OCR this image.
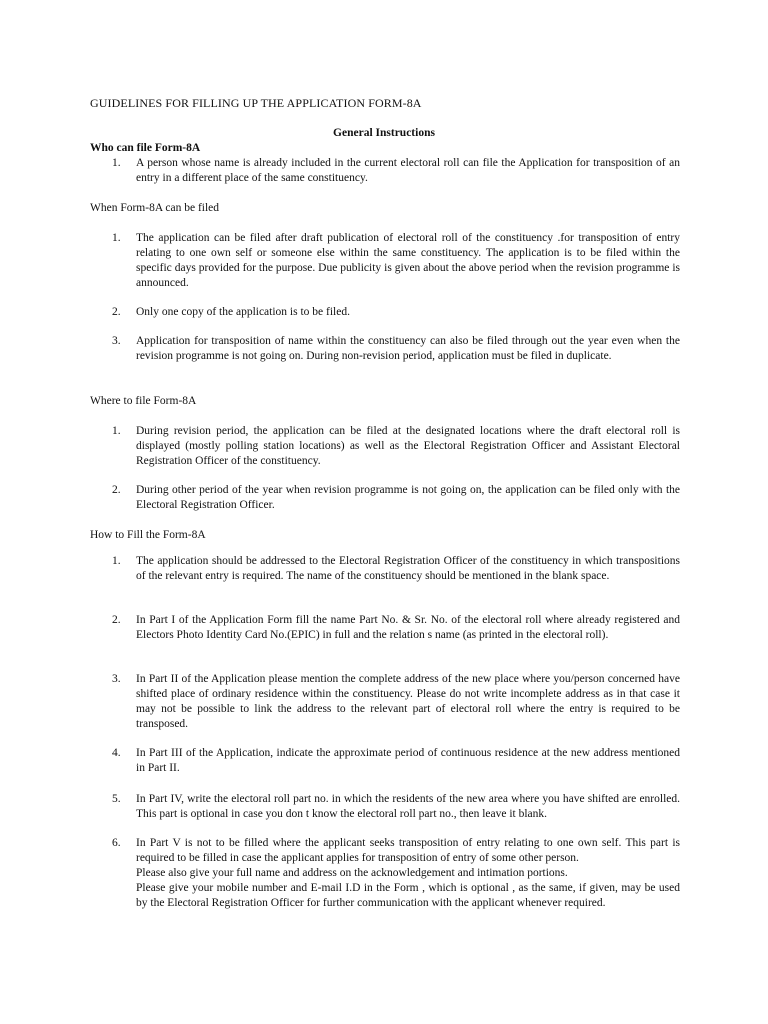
GUIDELINES FOR FILLING UP THE APPLICATION FORM-8A
General Instructions
Who can file Form-8A
1.	A person whose name is already included in the current electoral roll can file the Application for transposition of an entry in a different place of the same constituency.

When Form-8A can be filed
1.	The application can be filed after draft publication of electoral roll of the constituency .for transposition of entry relating to one own self or someone else within the same constituency. The application is to be filed within the specific days provided for the purpose. Due publicity is given about the above period when the revision programme is announced.

2.	Only one copy of the application is to be filed.

3.	Application for transposition of name within the constituency can also be filed through out the year even when the revision programme is not going on. During non-revision period, application must be filed in duplicate.

Where to file Form-8A
1.	During revision period, the application can be filed at the designated locations where the draft electoral roll is displayed (mostly polling station locations) as well as the Electoral Registration Officer and Assistant Electoral Registration Officer of the constituency.

2.	During other period of the year when revision programme is not going on, the application can be filed only with the Electoral Registration Officer.

How to Fill the Form-8A
1.	The application should be addressed to the Electoral Registration Officer of the constituency in which transpositions of the relevant entry is required. The name of the constituency should be mentioned in the blank space.

2.	In Part I of the Application Form fill the name Part No. & Sr. No. of the electoral roll where already registered and Electors Photo Identity Card No.(EPIC) in full and the relation s name (as printed in the electoral roll).

3.	In Part II of the Application please mention the complete address of the new place where you/person concerned have shifted place of ordinary residence within the constituency. Please do not write incomplete address as in that case it may not be possible to link the address to the relevant part of electoral roll where the entry is required to be transposed.

4.	In Part III of the Application, indicate the approximate period of continuous residence at the new address mentioned in Part II.

5.	In Part IV, write the electoral roll part no. in which the residents of the new area where you have shifted are enrolled. This part is optional in case you don t know the electoral roll part no., then leave it blank.

6.	In Part V is not to be filled where the applicant seeks transposition of entry relating to one own self. This part is required to be filled in case the applicant applies for transposition of entry of some other person.

Please also give your full name and address on the acknowledgement and intimation portions.

Please give your mobile number and E-mail I.D in the Form , which is optional , as the same, if given, may be used by the Electoral Registration Officer for further communication with the applicant whenever required.
